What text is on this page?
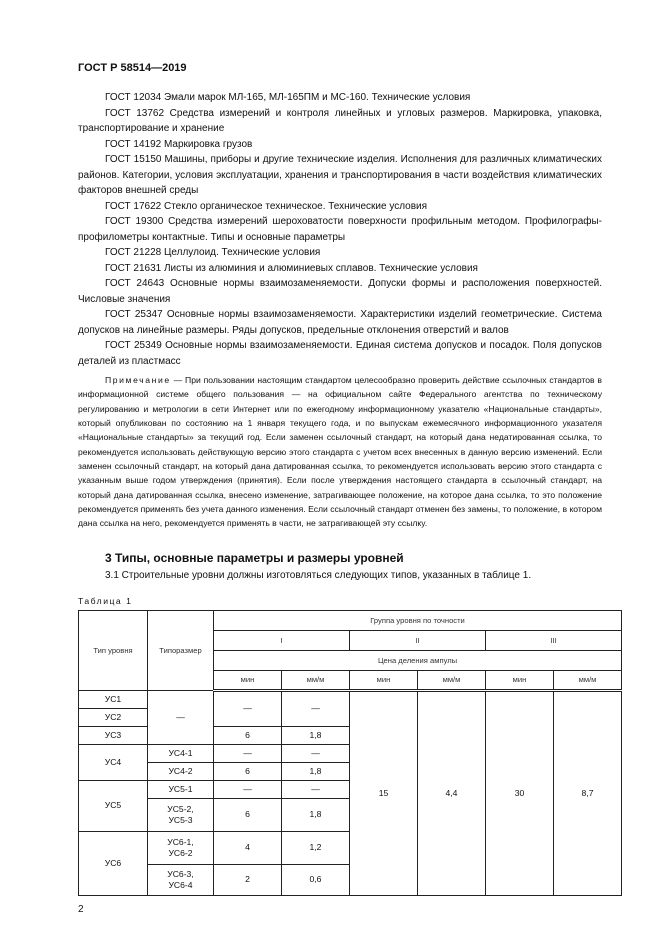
ГОСТ Р 58514—2019

ГОСТ 12034 Эмали марок МЛ-165, МЛ-165ПМ и МС-160. Технические условия

ГОСТ 13762 Средства измерений и контроля линейных и угловых размеров. Маркировка, упаковка, транспортирование и хранение

ГОСТ 14192 Маркировка грузов

ГОСТ 15150 Машины, приборы и другие технические изделия. Исполнения для различных климатических районов. Категории, условия эксплуатации, хранения и транспортирования в части воздействия климатических факторов внешней среды

ГОСТ 17622 Стекло органическое техническое. Технические условия

ГОСТ 19300 Средства измерений шероховатости поверхности профильным методом. Профилографы-профилометры контактные. Типы и основные параметры

ГОСТ 21228 Целлулоид. Технические условия

ГОСТ 21631 Листы из алюминия и алюминиевых сплавов. Технические условия

ГОСТ 24643 Основные нормы взаимозаменяемости. Допуски формы и расположения поверхностей. Числовые значения

ГОСТ 25347 Основные нормы взаимозаменяемости. Характеристики изделий геометрические. Система допусков на линейные размеры. Ряды допусков, предельные отклонения отверстий и валов

ГОСТ 25349 Основные нормы взаимозаменяемости. Единая система допусков и посадок. Поля допусков деталей из пластмасс

Примечание — При пользовании настоящим стандартом целесообразно проверить действие ссылочных стандартов в информационной системе общего пользования — на официальном сайте Федерального агентства по техническому регулированию и метрологии в сети Интернет или по ежегодному информационному указателю «Национальные стандарты», который опубликован по состоянию на 1 января текущего года, и по выпускам ежемесячного информационного указателя «Национальные стандарты» за текущий год. Если заменен ссылочный стандарт, на который дана недатированная ссылка, то рекомендуется использовать действующую версию этого стандарта с учетом всех внесенных в данную версию изменений. Если заменен ссылочный стандарт, на который дана датированная ссылка, то рекомендуется использовать версию этого стандарта с указанным выше годом утверждения (принятия). Если после утверждения настоящего стандарта в ссылочный стандарт, на который дана датированная ссылка, внесено изменение, затрагивающее положение, на которое дана ссылка, то это положение рекомендуется применять без учета данного изменения. Если ссылочный стандарт отменен без замены, то положение, в котором дана ссылка на него, рекомендуется применять в части, не затрагивающей эту ссылку.
3 Типы, основные параметры и размеры уровней
3.1 Строительные уровни должны изготовляться следующих типов, указанных в таблице 1.
Таблица 1
Тип уровня	Типоразмер	Группа уровня по точности					
		I		II		III	
		Цена деления ампулы					
		мин	мм/м	мин	мм/м	мин	мм/м
УС1	—	—	—	15	4,4	30	8,7
УС2							
УС3		6	1,8				
УС4	УС4-1	—	—				
	УС4-2	6	1,8				
УС5	УС5-1	—	—				
	УС5-2, УС5-3	6	1,8				
УС6	УС6-1, УС6-2	4	1,2				
	УС6-3, УС6-4	2	0,6				
2
